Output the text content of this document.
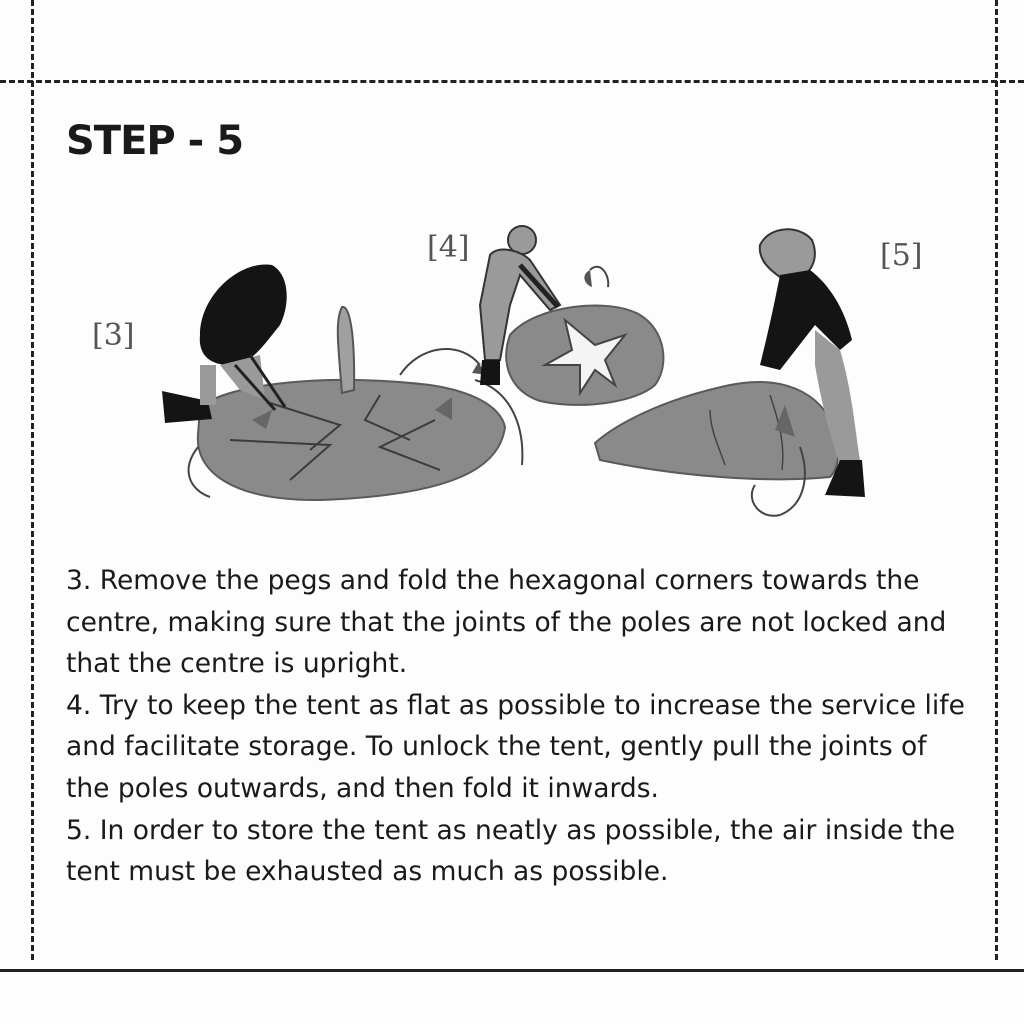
STEP - 5
[3]
[4]	[5]

3. Remove the pegs and fold the hexagonal corners towards the centre, making sure that the joints of the poles are not locked and that the centre is upright.

4. Try to keep the tent as flat as possible to increase the service life and facilitate storage. To unlock the tent, gently pull the joints of the poles outwards, and then fold it inwards.

5. In order to store the tent as neatly as possible, the air inside the tent must be exhausted as much as possible.
